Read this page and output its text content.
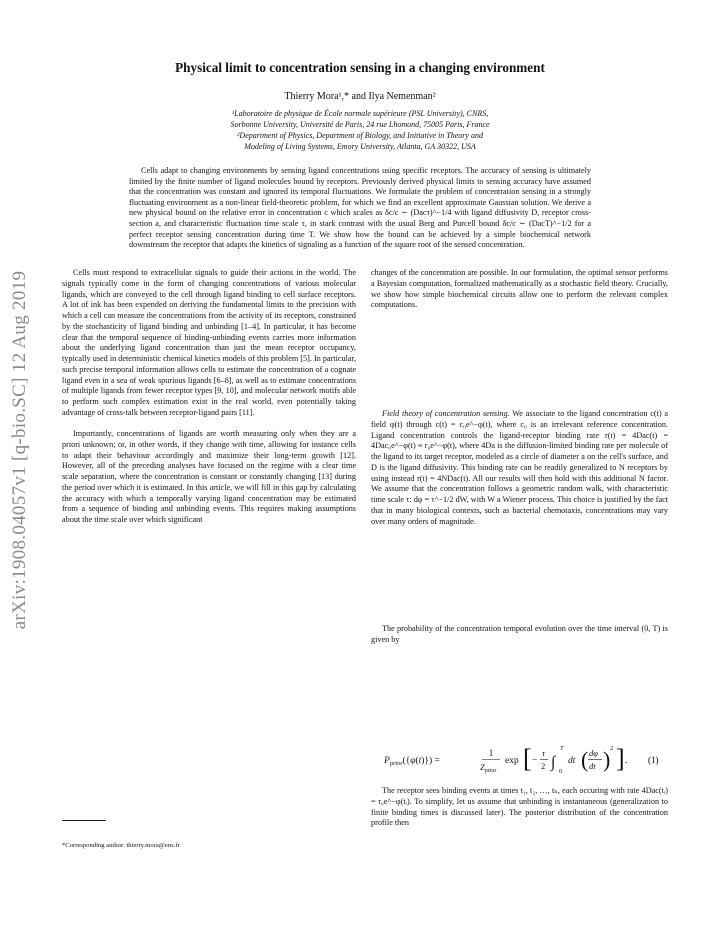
arXiv:1908.04057v1 [q-bio.SC] 12 Aug 2019
Physical limit to concentration sensing in a changing environment
Thierry Mora¹,* and Ilya Nemenman²
¹Laboratoire de physique de École normale supérieure (PSL University), CNRS,
Sorbonne University, Université de Paris, 24 rue Lhomond, 75005 Paris, France
²Department of Physics, Department of Biology, and Initiative in Theory and
Modeling of Living Systems, Emory University, Atlanta, GA 30322, USA
Cells adapt to changing environments by sensing ligand concentrations using specific receptors. The accuracy of sensing is ultimately limited by the finite number of ligand molecules bound by receptors. Previously derived physical limits to sensing accuracy have assumed that the concentration was constant and ignored its temporal fluctuations. We formulate the problem of concentration sensing in a strongly fluctuating environment as a non-linear field-theoretic problem, for which we find an excellent approximate Gaussian solution. We derive a new physical bound on the relative error in concentration c which scales as δc/c ∼ (Dacτ)^−1/4 with ligand diffusivity D, receptor cross-section a, and characteristic fluctuation time scale τ, in stark contrast with the usual Berg and Purcell bound δc/c ∼ (DacT)^−1/2 for a perfect receptor sensing concentration during time T. We show how the bound can be achieved by a simple biochemical network downstream the receptor that adapts the kinetics of signaling as a function of the square root of the sensed concentration.

Cells must respond to extracellular signals to guide their actions in the world. The signals typically come in the form of changing concentrations of various molecular ligands, which are conveyed to the cell through ligand binding to cell surface receptors. A lot of ink has been expended on deriving the fundamental limits to the precision with which a cell can measure the concentrations from the activity of its receptors, constrained by the stochasticity of ligand binding and unbinding [1–4]. In particular, it has become clear that the temporal sequence of binding-unbinding events carries more information about the underlying ligand concentration than just the mean receptor occupancy, typically used in deterministic chemical kinetics models of this problem [5]. In particular, such precise temporal information allows cells to estimate the concentration of a cognate ligand even in a sea of weak spurious ligands [6–8], as well as to estimate concentrations of multiple ligands from fewer receptor types [9, 10], and molecular network motifs able to perform such complex estimation exist in the real world, even potentially taking advantage of cross-talk between receptor-ligand pairs [11].

Importantly, concentrations of ligands are worth measuring only when they are a priori unknown; or, in other words, if they change with time, allowing for instance cells to adapt their behaviour accordingly and maximize their long-term growth [12]. However, all of the preceding analyses have focused on the regime with a clear time scale separation, where the concentration is constant or constantly changing [13] during the period over which it is estimated. In this article, we will fill in this gap by calculating the accuracy with which a temporally varying ligand concentration may be estimated from a sequence of binding and unbinding events. This requires making assumptions about the time scale over which significant

changes of the concentration are possible. In our formulation, the optimal sensor performs a Bayesian computation, formalized mathematically as a stochastic field theory. Crucially, we show how simple biochemical circuits allow one to perform the relevant complex computations.

Field theory of concentration sensing. We associate to the ligand concentration c(t) a field φ(t) through c(t) = c₀e^−φ(t), where c₀ is an irrelevant reference concentration. Ligand concentration controls the ligand-receptor binding rate r(t) = 4Dac(t) = 4Dac₀e^−φ(t) ≡ r₀e^−φ(t), where 4Da is the diffusion-limited binding rate per molecule of the ligand to its target receptor, modeled as a circle of diameter a on the cell's surface, and D is the ligand diffusivity. This binding rate can be readily generalized to N receptors by using instead r(t) = 4NDac(t). All our results will then hold with this additional N factor. We assume that the concentration follows a geometric random walk, with characteristic time scale τ: dφ = τ^−1/2 dW, with W a Wiener process. This choice is justified by the fact that in many biological contexts, such as bacterial chemotaxis, concentrations may vary over many orders of magnitude.

The probability of the concentration temporal evolution over the time interval (0, T) is given by

$P_{prior}(\{\varphi(t)\})$ =
1
$Z_{prior}$
exp [ −
τ
2 ∫
T
0
dt ( dφ
dt ) 2 ] . (1)

The receptor sees binding events at times t₁, t₂, …, tₙ, each occuring with rate 4Dac(tᵢ) = r₀e^−φ(tᵢ). To simplify, let us assume that unbinding is instantaneous (generalization to finite binding times is discussed later). The posterior distribution of the concentration profile then

*Corresponding author: thierry.mora@ens.fr
